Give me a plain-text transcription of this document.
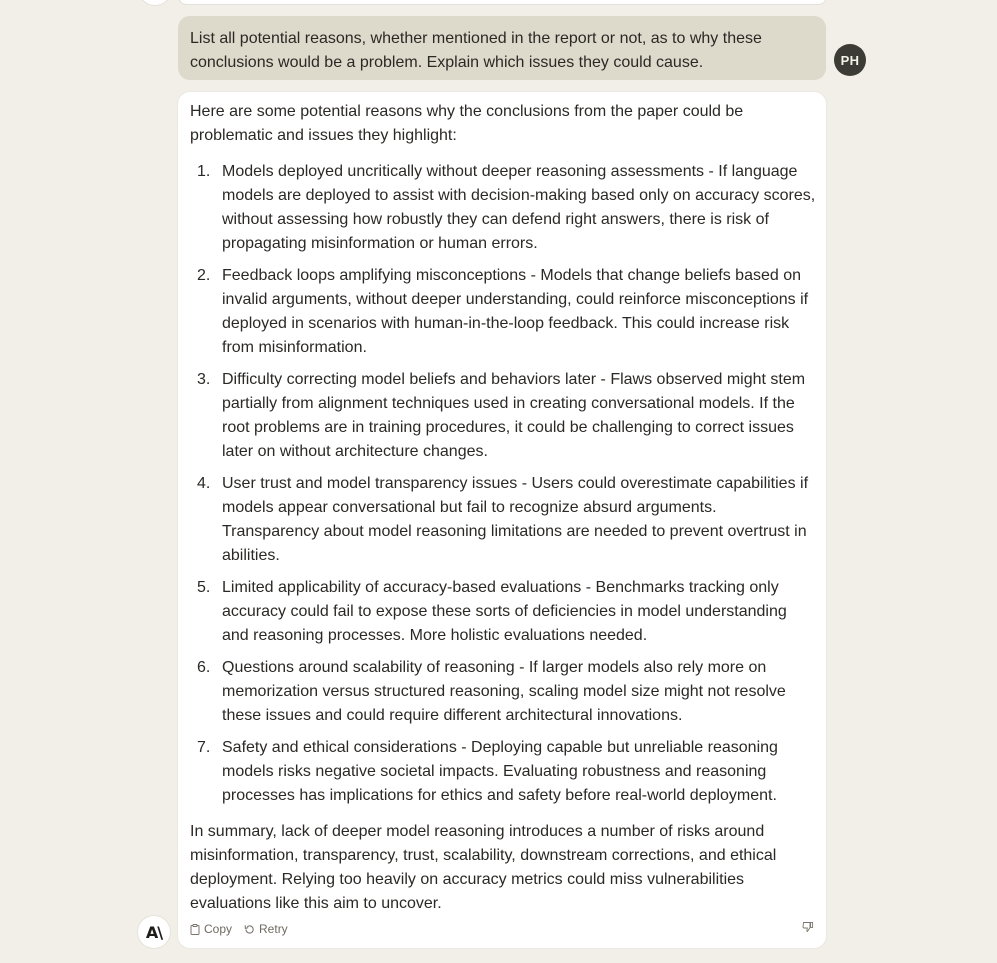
List all potential reasons, whether mentioned in the report or not, as to why these conclusions would be a problem. Explain which issues they could cause.	PH

Here are some potential reasons why the conclusions from the paper could be problematic and issues they highlight:

1. Models deployed uncritically without deeper reasoning assessments - If language models are deployed to assist with decision-making based only on accuracy scores, without assessing how robustly they can defend right answers, there is risk of propagating misinformation or human errors.
2. Feedback loops amplifying misconceptions - Models that change beliefs based on invalid arguments, without deeper understanding, could reinforce misconceptions if deployed in scenarios with human-in-the-loop feedback. This could increase risk from misinformation.
3. Difficulty correcting model beliefs and behaviors later - Flaws observed might stem partially from alignment techniques used in creating conversational models. If the root problems are in training procedures, it could be challenging to correct issues later on without architecture changes.
4. User trust and model transparency issues - Users could overestimate capabilities if models appear conversational but fail to recognize absurd arguments. Transparency about model reasoning limitations are needed to prevent overtrust in abilities.
5. Limited applicability of accuracy-based evaluations - Benchmarks tracking only accuracy could fail to expose these sorts of deficiencies in model understanding and reasoning processes. More holistic evaluations needed.
6. Questions around scalability of reasoning - If larger models also rely more on memorization versus structured reasoning, scaling model size might not resolve these issues and could require different architectural innovations.
7. Safety and ethical considerations - Deploying capable but unreliable reasoning models risks negative societal impacts. Evaluating robustness and reasoning processes has implications for ethics and safety before real-world deployment.

In summary, lack of deeper model reasoning introduces a number of risks around misinformation, transparency, trust, scalability, downstream corrections, and ethical deployment. Relying too heavily on accuracy metrics could miss vulnerabilities evaluations like this aim to uncover.

Copy Retry
A\
